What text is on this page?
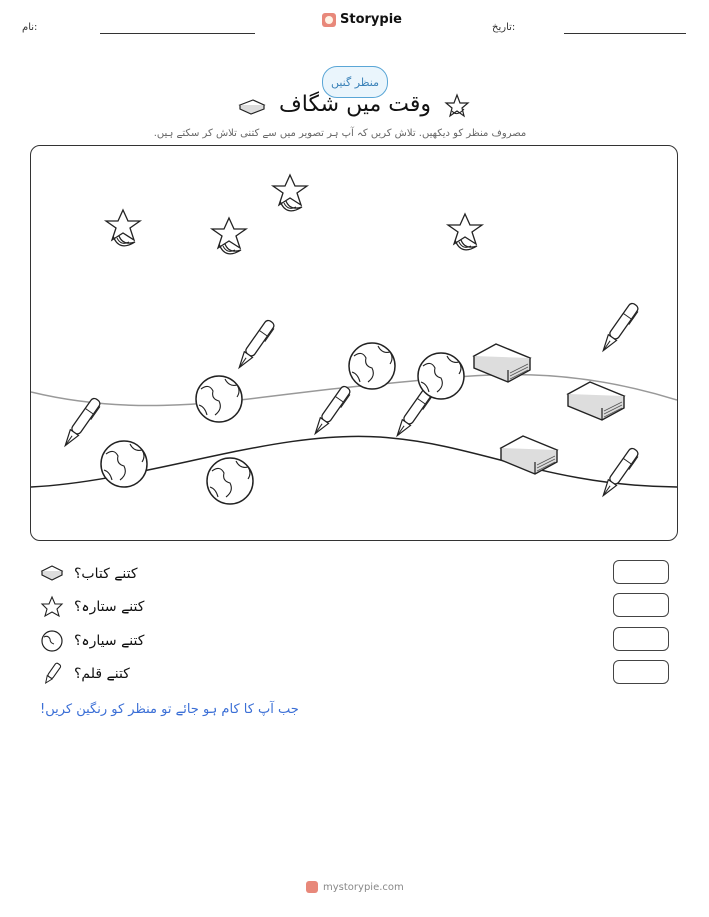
نام:
Storypie
تاریخ:
منظر گنیں
وقت میں شگاف
مصروف منظر کو دیکھیں. تلاش کریں کہ آپ ہر تصویر میں سے کتنی تلاش کر سکتے ہیں.
کتنے کتاب؟
کتنے ستارہ؟
کتنے سیارہ؟
کتنے قلم؟
جب آپ کا کام ہو جائے تو منظر کو رنگین کریں!
mystorypie.com
